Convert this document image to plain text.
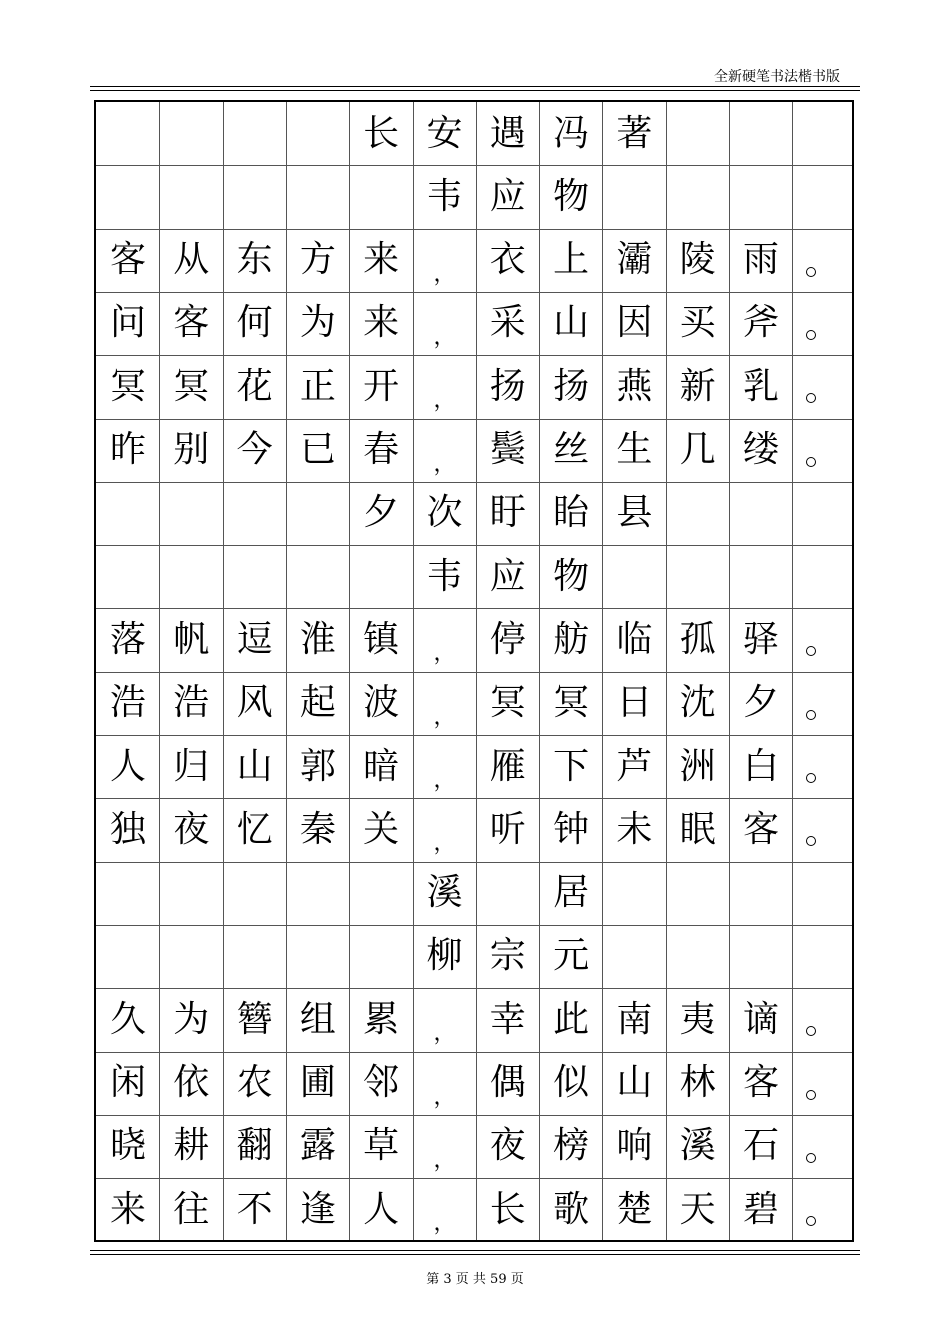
全新硬笔书法楷书版
长 安 遇 冯 著
韦 应 物
客 从 东 方 来	， 衣 上 灞 陵 雨
问 客 何 为 来	， 采 山 因 买 斧
冥 冥 花 正 开	， 扬 扬 燕 新 乳
昨 别 今 已 春	， 鬓 丝 生 几 缕
夕 次 盱 眙 县
韦 应 物
落 帆 逗 淮 镇	， 停 舫 临 孤 驿
浩 浩 风 起 波	， 冥 冥 日 沈 夕
人 归 山 郭 暗	， 雁 下 芦 洲 白
独 夜 忆 秦 关	， 听 钟 未 眠 客
溪	居
柳 宗 元
久 为 簪 组 累	， 幸 此 南 夷 谪
闲 依 农 圃 邻	， 偶 似 山 林 客
晓 耕 翻 露 草	， 夜 榜 响 溪 石
来 往 不 逢 人	， 长 歌 楚 天 碧
第 3 页 共 59 页
